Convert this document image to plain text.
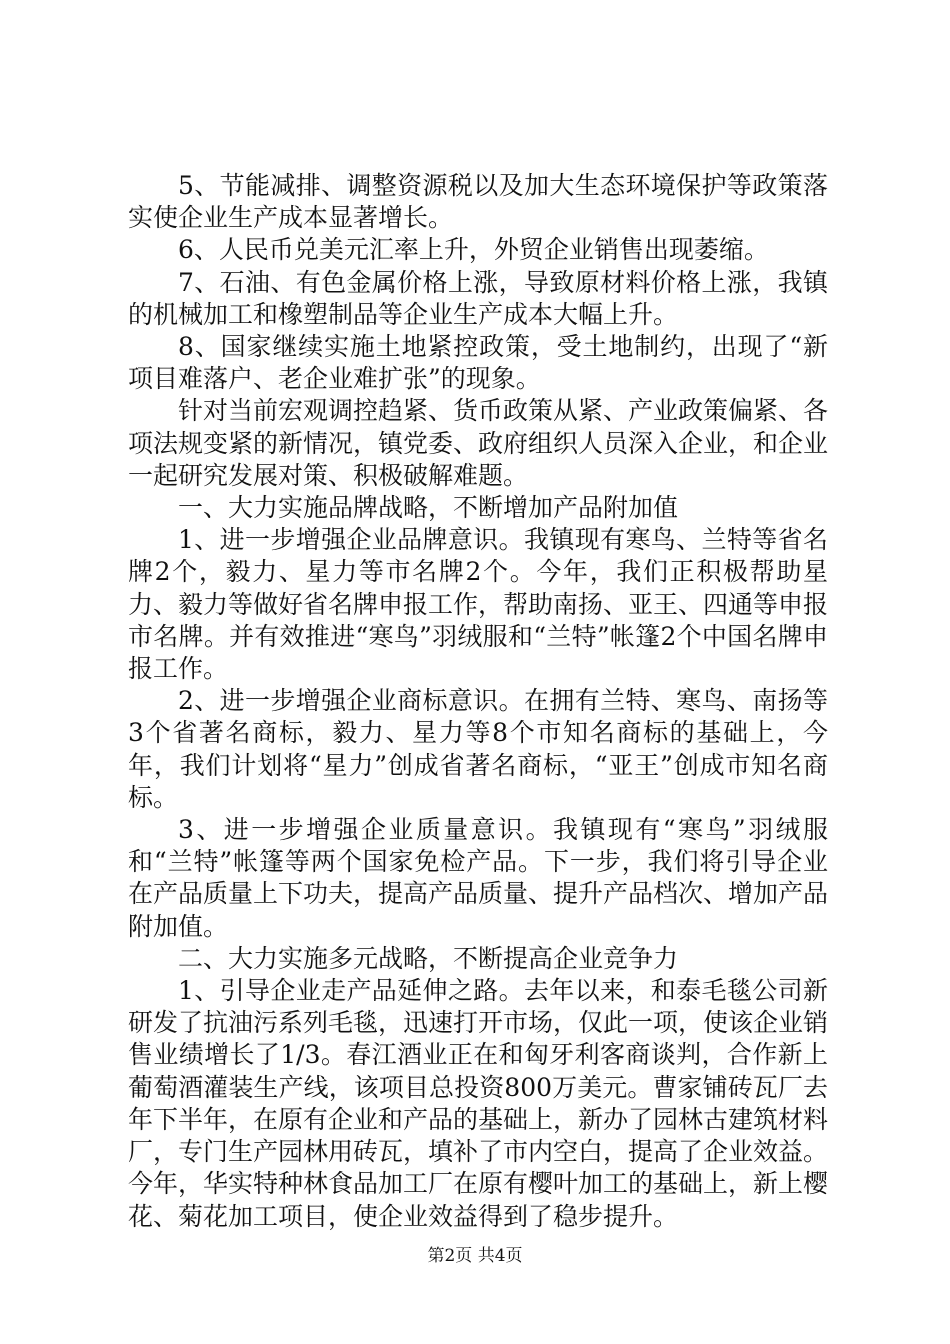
5、节能减排、调整资源税以及加大生态环境保护等政策落实使企业生产成本显著增长。

6、人民币兑美元汇率上升，外贸企业销售出现萎缩。

7、石油、有色金属价格上涨，导致原材料价格上涨，我镇的机械加工和橡塑制品等企业生产成本大幅上升。

8、国家继续实施土地紧控政策，受土地制约，出现了“新项目难落户、老企业难扩张”的现象。

针对当前宏观调控趋紧、货币政策从紧、产业政策偏紧、各项法规变紧的新情况，镇党委、政府组织人员深入企业，和企业一起研究发展对策、积极破解难题。

一、大力实施品牌战略，不断增加产品附加值

1、进一步增强企业品牌意识。我镇现有寒鸟、兰特等省名牌2个，毅力、星力等市名牌2个。今年，我们正积极帮助星力、毅力等做好省名牌申报工作，帮助南扬、亚王、四通等申报市名牌。并有效推进“寒鸟”羽绒服和“兰特”帐篷2个中国名牌申报工作。

2、进一步增强企业商标意识。在拥有兰特、寒鸟、南扬等3个省著名商标，毅力、星力等8个市知名商标的基础上，今年，我们计划将“星力”创成省著名商标，“亚王”创成市知名商标。

3、进一步增强企业质量意识。我镇现有“寒鸟”羽绒服和“兰特”帐篷等两个国家免检产品。下一步，我们将引导企业在产品质量上下功夫，提高产品质量、提升产品档次、增加产品附加值。

二、大力实施多元战略，不断提高企业竞争力

1、引导企业走产品延伸之路。去年以来，和泰毛毯公司新研发了抗油污系列毛毯，迅速打开市场，仅此一项，使该企业销售业绩增长了1/3。春江酒业正在和匈牙利客商谈判，合作新上葡萄酒灌装生产线，该项目总投资800万美元。曹家铺砖瓦厂去年下半年，在原有企业和产品的基础上，新办了园林古建筑材料厂，专门生产园林用砖瓦，填补了市内空白，提高了企业效益。今年，华实特种林食品加工厂在原有樱叶加工的基础上，新上樱花、菊花加工项目，使企业效益得到了稳步提升。

第2页 共4页
